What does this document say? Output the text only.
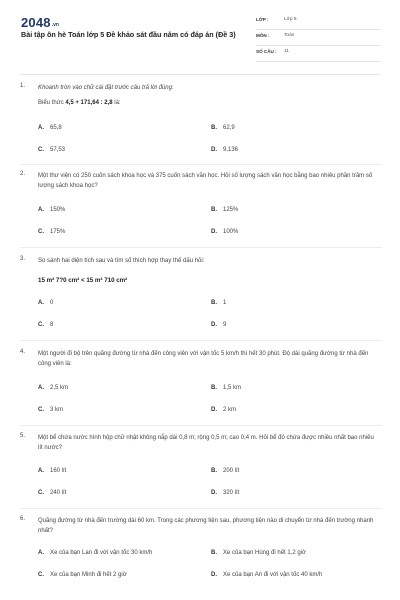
2048.vn
Bài tập ôn hè Toán lớp 5 Đề khảo sát đầu năm có đáp án (Đề 3)
LỚP :	Lớp 5
MÔN :	Toán
SỐ CÂU : 11
1. Khoanh tròn vào chữ cái đặt trước câu trả lời đúng:
Biểu thức 4,5 + 171,64 : 2,8 là:
A. 65,8	B. 62,9
C. 57,53	D. 9,136
2. Một thư viện có 250 cuốn sách khoa học và 375 cuốn sách văn học. Hỏi số lượng sách văn học bằng bao nhiêu phần trăm số lượng sách khoa học?
A. 150%	B. 125%
C. 175%	D. 100%
3. So sánh hai diện tích sau và tìm số thích hợp thay thế dấu hỏi:
15 m² 7?0 cm² < 15 m² 710 cm²
A. 0	B. 1
C. 8	D. 9
4. Một người đi bộ trên quãng đường từ nhà đến công viên với vận tốc 5 km/h thì hết 30 phút. Độ dài quãng đường từ nhà đến công viên là:
A. 2,5 km	B. 1,5 km
C. 3 km	D. 2 km
5. Một bể chứa nước hình hộp chữ nhật không nắp dài 0,8 m; rộng 0,5 m; cao 0,4 m. Hỏi bể đó chứa được nhiều nhất bao nhiêu lít nước?
A. 160 lít	B. 200 lít
C. 240 lít	D. 320 lít
6. Quãng đường từ nhà đến trường dài 60 km. Trong các phương tiện sau, phương tiện nào di chuyển từ nhà đến trường nhanh nhất?
A. Xe của bạn Lan đi với vận tốc 30 km/h	B. Xe của bạn Hùng đi hết 1,2 giờ
C. Xe của bạn Minh đi hết 2 giờ	D. Xe của bạn An đi với vận tốc 40 km/h
